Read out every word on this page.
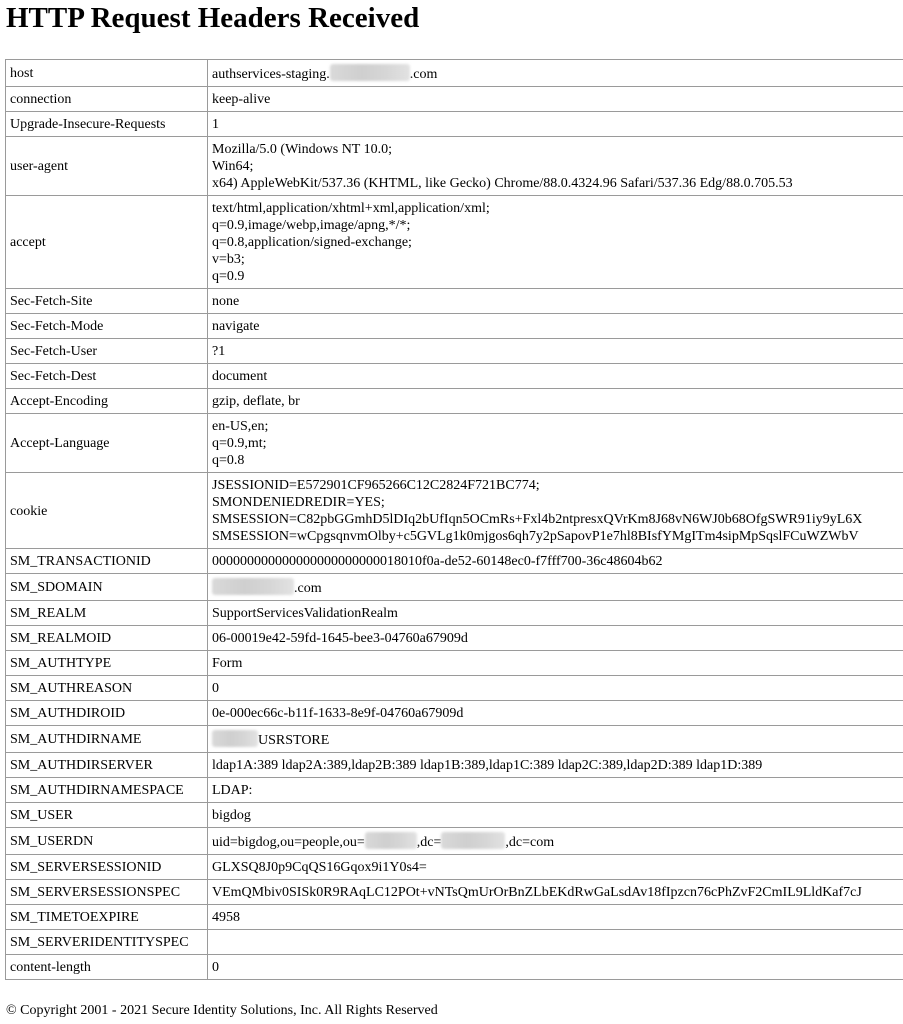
HTTP Request Headers Received
host	authservices-staging. .com
connection	keep-alive
Upgrade-Insecure-Requests	1
user-agent	Mozilla/5.0 (Windows NT 10.0;
Win64;
x64) AppleWebKit/537.36 (KHTML, like Gecko) Chrome/88.0.4324.96 Safari/537.36 Edg/88.0.705.53

accept	text/html,application/xhtml+xml,application/xml;
q=0.9,image/webp,image/apng,*/*;
q=0.8,application/signed-exchange;
v=b3;
q=0.9

Sec-Fetch-Site	none
Sec-Fetch-Mode	navigate
Sec-Fetch-User	?1
Sec-Fetch-Dest	document
Accept-Encoding	gzip, deflate, br
Accept-Language	en-US,en;
q=0.9,mt;
q=0.8

cookie	JSESSIONID=E572901CF965266C12C2824F721BC774;
SMONDENIEDREDIR=YES;
SMSESSION=C82pbGGmhD5lDIq2bUfIqn5OCmRs+Fxl4b2ntpresxQVrKm8J68vN6WJ0b68OfgSWR91iy9yL6X
SMSESSION=wCpgsqnvmOlby+c5GVLg1k0mjgos6qh7y2pSapovP1e7hl8BIsfYMgITm4sipMpSqslFCuWZWbV

SM_TRANSACTIONID	000000000000000000000000018010f0a-de52-60148ec0-f7fff700-36c48604b62
SM_SDOMAIN	.com
SM_REALM	SupportServicesValidationRealm
SM_REALMOID	06-00019e42-59fd-1645-bee3-04760a67909d
SM_AUTHTYPE	Form
SM_AUTHREASON	0
SM_AUTHDIROID	0e-000ec66c-b11f-1633-8e9f-04760a67909d
SM_AUTHDIRNAME	USRSTORE
SM_AUTHDIRSERVER	ldap1A:389 ldap2A:389,ldap2B:389 ldap1B:389,ldap1C:389 ldap2C:389,ldap2D:389 ldap1D:389
SM_AUTHDIRNAMESPACE	LDAP:
SM_USER	bigdog
SM_USERDN	uid=bigdog,ou=people,ou= ,dc= ,dc=com
SM_SERVERSESSIONID	GLXSQ8J0p9CqQS16Gqox9i1Y0s4=
SM_SERVERSESSIONSPEC	VEmQMbiv0SISk0R9RAqLC12POt+vNTsQmUrOrBnZLbEKdRwGaLsdAv18fIpzcn76cPhZvF2CmIL9LldKaf7cJ
SM_TIMETOEXPIRE	4958
SM_SERVERIDENTITYSPEC	
content-length	0
© Copyright 2001 - 2021 Secure Identity Solutions, Inc. All Rights Reserved
